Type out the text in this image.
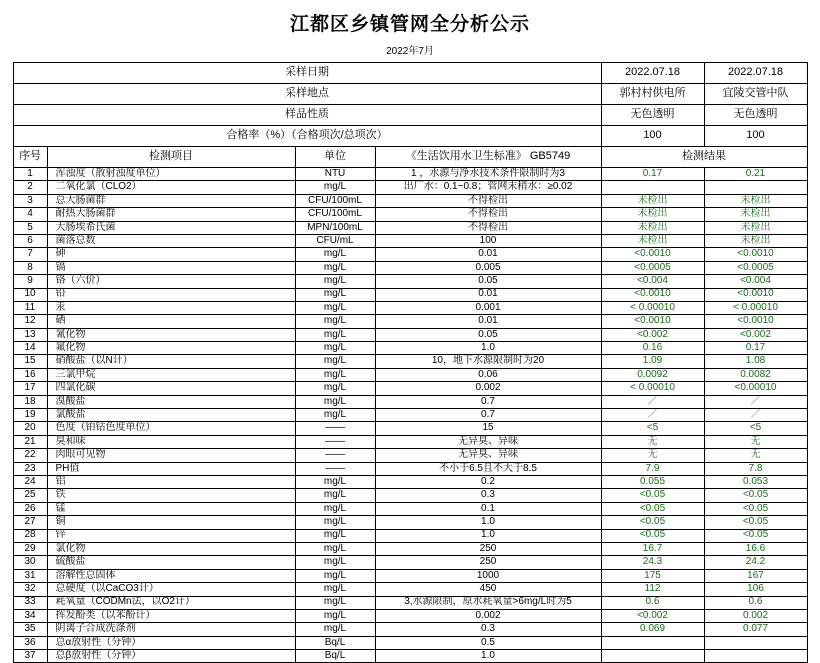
江都区乡镇管网全分析公示
2022年7月
采样日期				2022.07.18	2022.07.18
采样地点				郭村村供电所	宜陵交管中队
样品性质				无色透明	无色透明
合格率（%）（合格项次/总项次）				100	100
序号	检测项目	单位	《生活饮用水卫生标准》 GB5749	检测结果	
1	浑浊度（散射浊度单位）	NTU	1 ，水源与净水技术条件限制时为3	0.17	0.21
2	二氧化氯（CLO2）	mg/L	出厂水：0.1~0.8；管网末稍水：≥0.02		
3	总大肠菌群	CFU/100mL	不得检出	未检出	未检出
4	耐热大肠菌群	CFU/100mL	不得检出	未检出	未检出
5	大肠埃希氏菌	MPN/100mL	不得检出	未检出	未检出
6	菌落总数	CFU/mL	100	未检出	未检出
7	砷	mg/L	0.01	<0.0010	<0.0010
8	镉	mg/L	0.005	<0.0005	<0.0005
9	铬（六价）	mg/L	0.05	<0.004	<0.004
10	铅	mg/L	0.01	<0.0010	<0.0010
11	汞	mg/L	0.001	< 0.00010	< 0.00010
12	硒	mg/L	0.01	<0.0010	<0.0010
13	氰化物	mg/L	0.05	<0.002	<0.002
14	氟化物	mg/L	1.0	0.16	0.17
15	硝酸盐（以N计）	mg/L	10，地下水源限制时为20	1.09	1.08
16	三氯甲烷	mg/L	0.06	0.0092	0.0082
17	四氯化碳	mg/L	0.002	< 0.00010	<0.00010
18	溴酸盐	mg/L	0.7	／	／
19	氯酸盐	mg/L	0.7	／	／
20	色度（铂钴色度单位）	——	15	<5	<5
21	臭和味	——	无异臭、异味	无	无
22	肉眼可见物	——	无异臭、异味	无	无
23	PH值	——	不小于6.5且不大于8.5	7.9	7.8
24	铝	mg/L	0.2	0.055	0.053
25	铁	mg/L	0.3	<0.05	<0.05
26	锰	mg/L	0.1	<0.05	<0.05
27	铜	mg/L	1.0	<0.05	<0.05
28	锌	mg/L	1.0	<0.05	<0.05
29	氯化物	mg/L	250	16.7	16.6
30	硫酸盐	mg/L	250	24.3	24.2
31	溶解性总固体	mg/L	1000	175	167
32	总硬度（以CaCO3计）	mg/L	450	112	106
33	耗氧量（CODMn法，以O2计）	mg/L	3,水源限制，原水耗氧量>6mg/L时为5	0.6	0.6
34	挥发酚类（以苯酚计）	mg/L	0.002	<0.002	0.002
35	阴离子合成洗涤剂	mg/L	0.3	0.069	0.077
36	总α放射性（分钟）	Bq/L	0.5		
37	总β放射性（分钟）	Bq/L	1.0		
